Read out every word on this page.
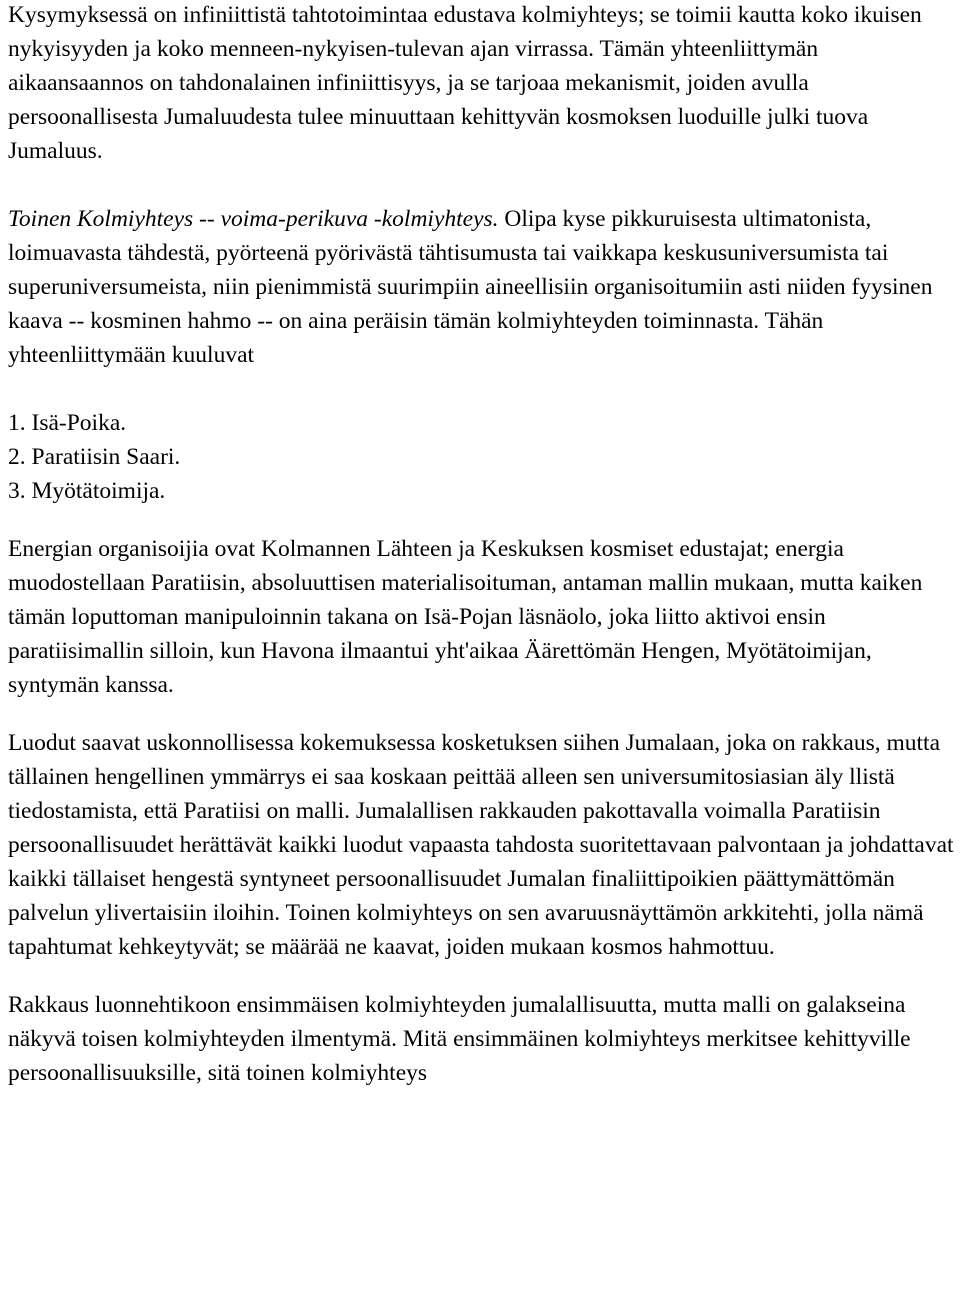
Kysymyksessä on infiniittistä tahtotoimintaa edustava kolmiyhteys; se toimii kautta koko ikuisen nykyisyyden ja koko menneen-nykyisen-tulevan ajan virrassa. Tämän yhteenliittymän aikaansaannos on tahdonalainen infiniittisyys, ja se tarjoaa mekanismit, joiden avulla persoonallisesta Jumaluudesta tulee minuuttaan kehittyvän kosmoksen luoduille julki tuova Jumaluus.

Toinen Kolmiyhteys -- voima-perikuva -kolmiyhteys. Olipa kyse pikkuruisesta ultimatonista, loimuavasta tähdestä, pyörteenä pyörivästä tähtisumusta tai vaikkapa keskusuniversumista tai superuniversumeista, niin pienimmistä suurimpiin aineellisiin organisoitumiin asti niiden fyysinen kaava -- kosminen hahmo -- on aina peräisin tämän kolmiyhteyden toiminnasta. Tähän yhteenliittymään kuuluvat

1. Isä-Poika.

2. Paratiisin Saari.

3. Myötätoimija.

Energian organisoijia ovat Kolmannen Lähteen ja Keskuksen kosmiset edustajat; energia muodostellaan Paratiisin, absoluuttisen materialisoituman, antaman mallin mukaan, mutta kaiken tämän loputtoman manipuloinnin takana on Isä-Pojan läsnäolo, joka liitto aktivoi ensin paratiisimallin silloin, kun Havona ilmaantui yht'aikaa Äärettömän Hengen, Myötätoimijan, syntymän kanssa.

Luodut saavat uskonnollisessa kokemuksessa kosketuksen siihen Jumalaan, joka on rakkaus, mutta tällainen hengellinen ymmärrys ei saa koskaan peittää alleen sen universumitosiasian äly llistä tiedostamista, että Paratiisi on malli. Jumalallisen rakkauden pakottavalla voimalla Paratiisin persoonallisuudet herättävät kaikki luodut vapaasta tahdosta suoritettavaan palvontaan ja johdattavat kaikki tällaiset hengestä syntyneet persoonallisuudet Jumalan finaliittipoikien päättymättömän palvelun ylivertaisiin iloihin. Toinen kolmiyhteys on sen avaruusnäyttämön arkkitehti, jolla nämä tapahtumat kehkeytyvät; se määrää ne kaavat, joiden mukaan kosmos hahmottuu.

Rakkaus luonnehtikoon ensimmäisen kolmiyhteyden jumalallisuutta, mutta malli on galakseina näkyvä toisen kolmiyhteyden ilmentymä. Mitä ensimmäinen kolmiyhteys merkitsee kehittyville persoonallisuuksille, sitä toinen kolmiyhteys
